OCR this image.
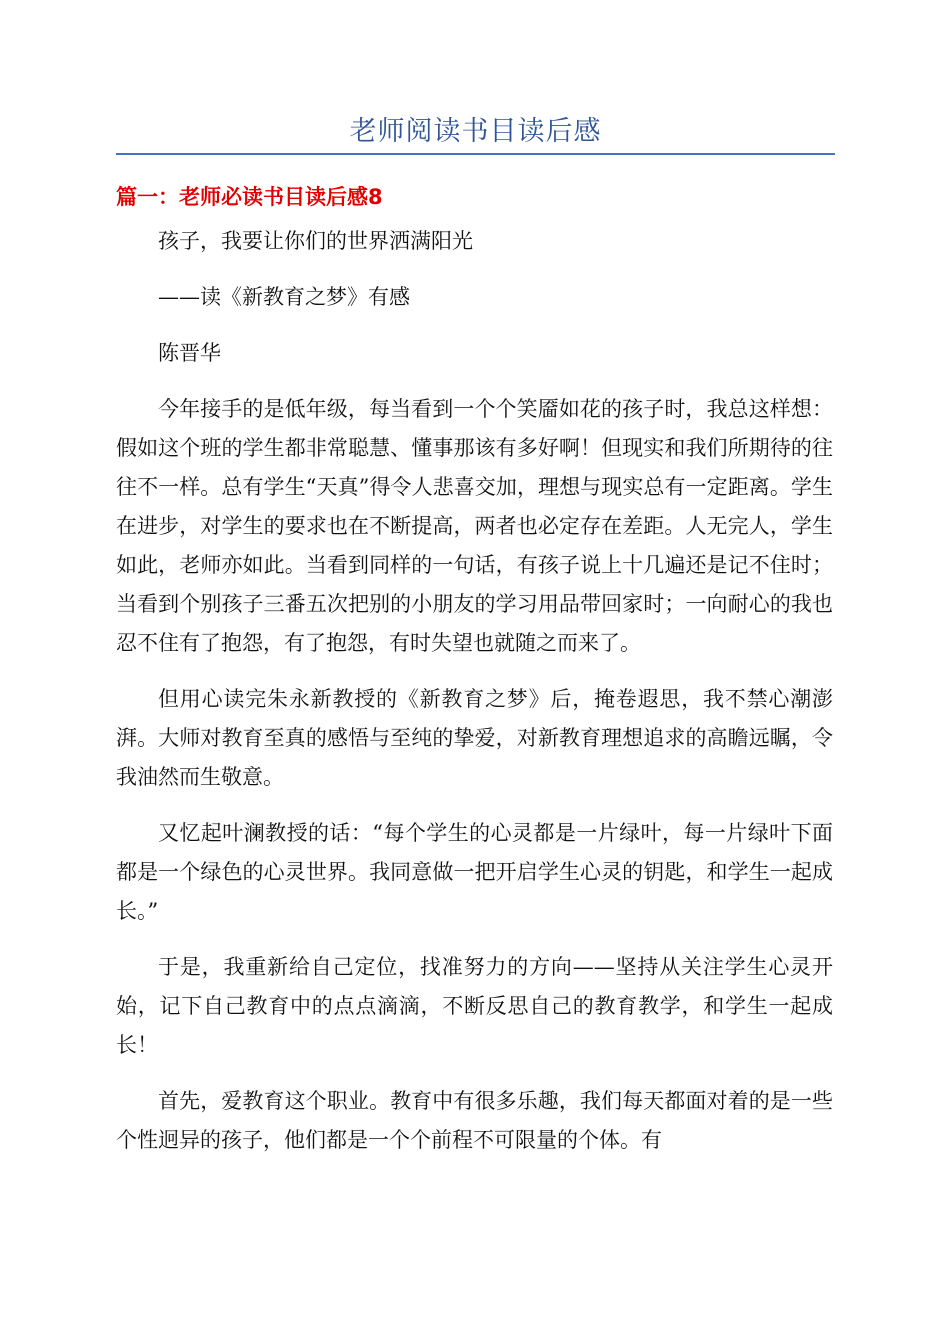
老师阅读书目读后感
篇一：老师必读书目读后感8

孩子，我要让你们的世界洒满阳光

——读《新教育之梦》有感

陈晋华

今年接手的是低年级，每当看到一个个笑靥如花的孩子时，我总这样想：假如这个班的学生都非常聪慧、懂事那该有多好啊！但现实和我们所期待的往往不一样。总有学生“天真”得令人悲喜交加，理想与现实总有一定距离。学生在进步，对学生的要求也在不断提高，两者也必定存在差距。人无完人，学生如此，老师亦如此。当看到同样的一句话，有孩子说上十几遍还是记不住时；当看到个别孩子三番五次把别的小朋友的学习用品带回家时；一向耐心的我也忍不住有了抱怨，有了抱怨，有时失望也就随之而来了。

但用心读完朱永新教授的《新教育之梦》后，掩卷遐思，我不禁心潮澎湃。大师对教育至真的感悟与至纯的挚爱，对新教育理想追求的高瞻远瞩，令我油然而生敬意。

又忆起叶澜教授的话：“每个学生的心灵都是一片绿叶，每一片绿叶下面都是一个绿色的心灵世界。我同意做一把开启学生心灵的钥匙，和学生一起成长。”

于是，我重新给自己定位，找准努力的方向——坚持从关注学生心灵开始，记下自己教育中的点点滴滴，不断反思自己的教育教学，和学生一起成长！

首先，爱教育这个职业。教育中有很多乐趣，我们每天都面对着的是一些个性迥异的孩子，他们都是一个个前程不可限量的个体。有
